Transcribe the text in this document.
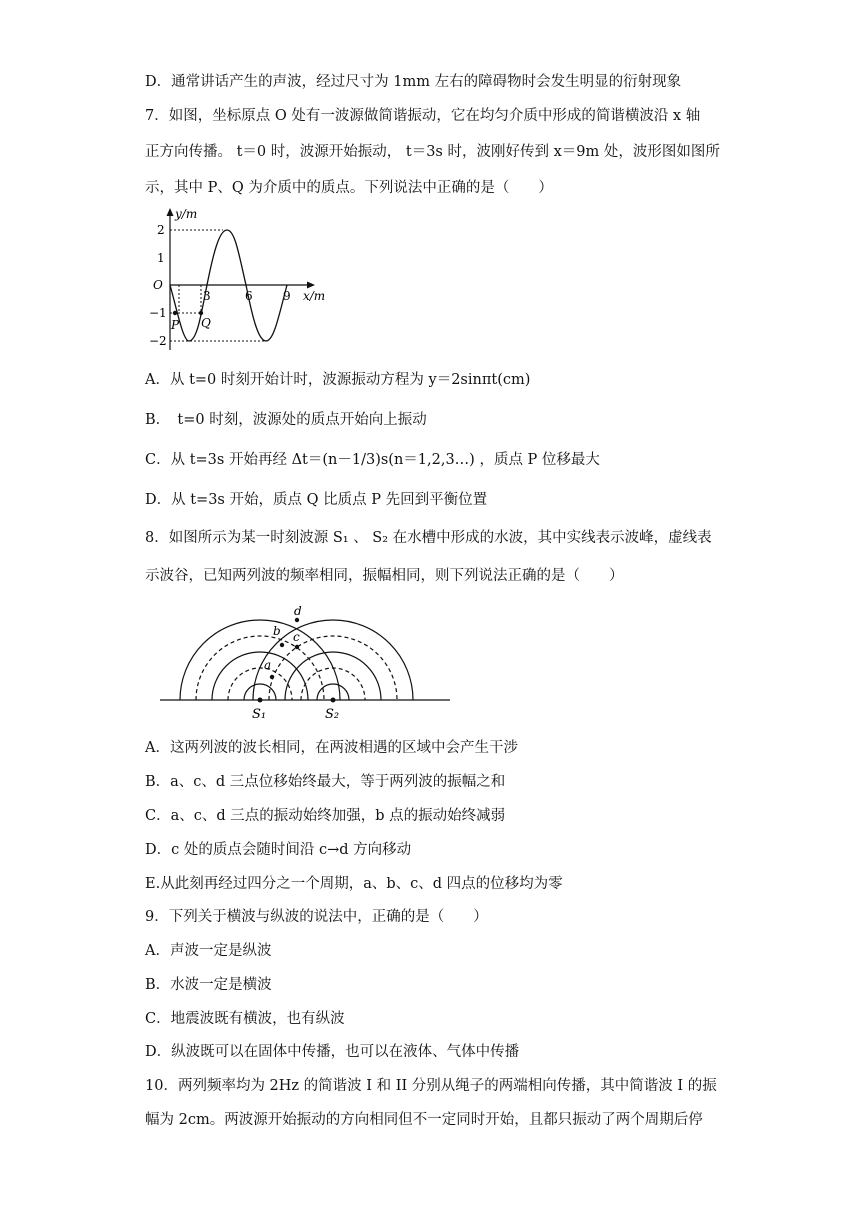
D．通常讲话产生的声波，经过尺寸为 1mm 左右的障碍物时会发生明显的衍射现象
7．如图，坐标原点 O 处有一波源做简谐振动，它在均匀介质中形成的简谐横波沿 x 轴
正方向传播。 t＝0 时，波源开始振动， t＝3s 时，波刚好传到 x＝9m 处，波形图如图所
示，其中 P、Q 为介质中的质点。下列说法中正确的是（　　）
y/m
x/m
O
2
1
−1
−2
3	6	9
P Q
A．从 t=0 时刻开始计时，波源振动方程为 y＝2sinπt(cm)
B．　t=0 时刻，波源处的质点开始向上振动
C．从 t=3s 开始再经 Δt＝(n－1/3)s(n＝1,2,3…) ，质点 P 位移最大
D．从 t=3s 开始，质点 Q 比质点 P 先回到平衡位置
8．如图所示为某一时刻波源 S₁ 、 S₂ 在水槽中形成的水波，其中实线表示波峰，虚线表
示波谷，已知两列波的频率相同，振幅相同，则下列说法正确的是（　　）
a
b c
d
S₁	S₂
A．这两列波的波长相同，在两波相遇的区域中会产生干涉
B．a、c、d 三点位移始终最大，等于两列波的振幅之和
C．a、c、d 三点的振动始终加强，b 点的振动始终减弱
D．c 处的质点会随时间沿 c→d 方向移动
E.从此刻再经过四分之一个周期，a、b、c、d 四点的位移均为零
9．下列关于横波与纵波的说法中，正确的是（　　）
A．声波一定是纵波
B．水波一定是横波
C．地震波既有横波，也有纵波
D．纵波既可以在固体中传播，也可以在液体、气体中传播
10．两列频率均为 2Hz 的简谐波 I 和 II 分别从绳子的两端相向传播，其中简谐波 I 的振
幅为 2cm。两波源开始振动的方向相同但不一定同时开始，且都只振动了两个周期后停
